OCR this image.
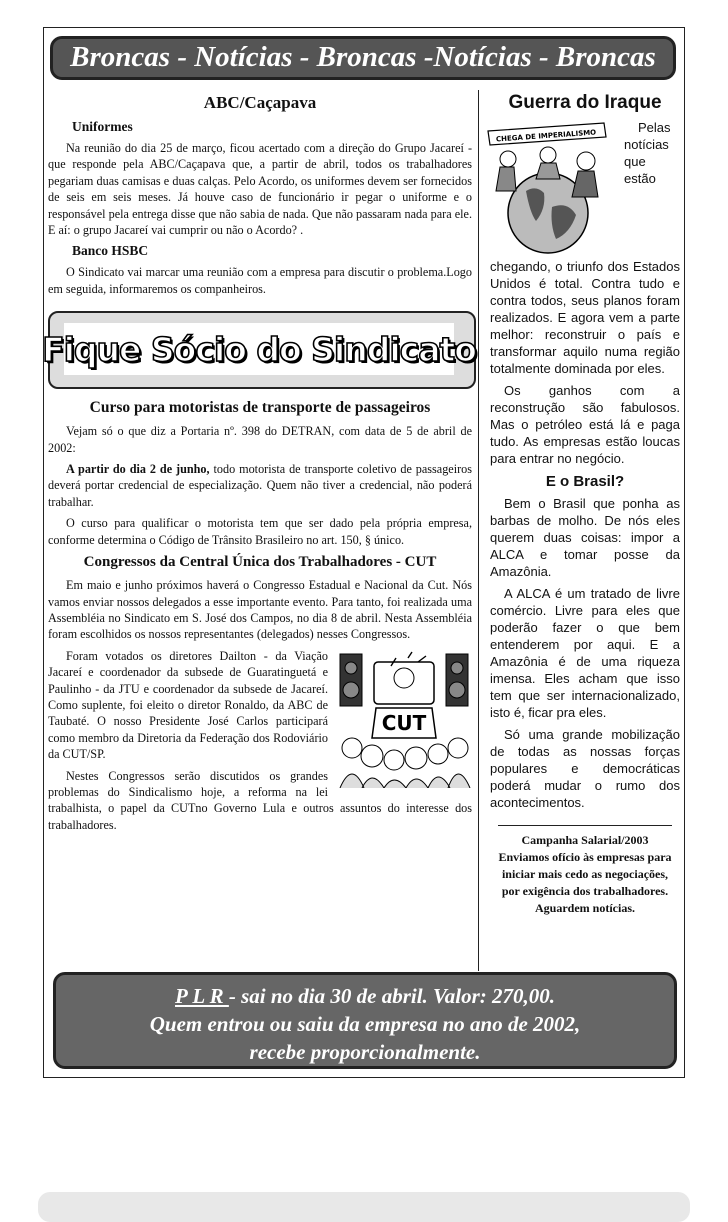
Broncas - Notícias - Broncas -Notícias - Broncas
ABC/Caçapava
Uniformes

Na reunião do dia 25 de março, ficou acertado com a direção do Grupo Jacareí - que responde pela ABC/Caçapava que, a partir de abril, todos os trabalhadores pegariam duas camisas e duas calças. Pelo Acordo, os uniformes devem ser fornecidos de seis em seis meses. Já houve caso de funcionário ir pegar o uniforme e o responsável pela entrega disse que não sabia de nada. Que não passaram nada para ele. E aí: o grupo Jacareí vai cumprir ou não o Acordo? .

Banco HSBC

O Sindicato vai marcar uma reunião com a empresa para discutir o problema.Logo em seguida, informaremos os companheiros.

Fique Sócio do Sindicato
Curso para motoristas de transporte de passageiros

Vejam só o que diz a Portaria nº. 398 do DETRAN, com data de 5 de abril de 2002:

A partir do dia 2 de junho, todo motorista de transporte coletivo de passageiros deverá portar credencial de especialização. Quem não tiver a credencial, não poderá trabalhar.

O curso para qualificar o motorista tem que ser dado pela própria empresa, conforme determina o Código de Trânsito Brasileiro no art. 150, § único.

Congressos da Central Única dos Trabalhadores - CUT

Em maio e junho próximos haverá o Congresso Estadual e Nacional da Cut. Nós vamos enviar nossos delegados a esse importante evento. Para tanto, foi realizada uma Assembléia no Sindicato em S. José dos Campos, no dia 8 de abril. Nesta Assembléia foram escolhidos os nossos representantes (delegados) nesses Congressos.

CUT

Foram votados os diretores Dailton - da Viação Jacareí e coordenador da subsede de Guaratinguetá e Paulinho - da JTU e coordenador da subsede de Jacareí. Como suplente, foi eleito o diretor Ronaldo, da ABC de Taubaté. O nosso Presidente José Carlos participará como membro da Diretoria da Federação dos Rodoviário da CUT/SP.

Nestes Congressos serão discutidos os grandes problemas do Sindicalismo hoje, a reforma na lei trabalhista, o papel da CUTno Governo Lula e outros assuntos do interesse dos trabalhadores.

Guerra do Iraque
CHEGA DE IMPERIALISMO

Pelas notícias que estão chegando, o triunfo dos Estados Unidos é total. Contra tudo e contra todos, seus planos foram realizados. E agora vem a parte melhor: reconstruir o país e transformar aquilo numa região totalmente dominada por eles.

Os ganhos com a reconstrução são fabulosos. Mas o petróleo está lá e paga tudo. As empresas estão loucas para entrar no negócio.

E o Brasil?

Bem o Brasil que ponha as barbas de molho. De nós eles querem duas coisas: impor a ALCA e tomar posse da Amazônia.

A ALCA é um tratado de livre comércio. Livre para eles que poderão fazer o que bem entenderem por aqui. E a Amazônia é de uma riqueza imensa. Eles acham que isso tem que ser internacionalizado, isto é, ficar pra eles.

Só uma grande mobilização de todas as nossas forças populares e democráticas poderá mudar o rumo dos acontecimentos.

Campanha Salarial/2003
Enviamos ofício às empresas para iniciar mais cedo as negociações, por exigência dos trabalhadores. Aguardem notícias.
P L R - sai no dia 30 de abril. Valor: 270,00.
Quem entrou ou saiu da empresa no ano de 2002,
recebe proporcionalmente.
